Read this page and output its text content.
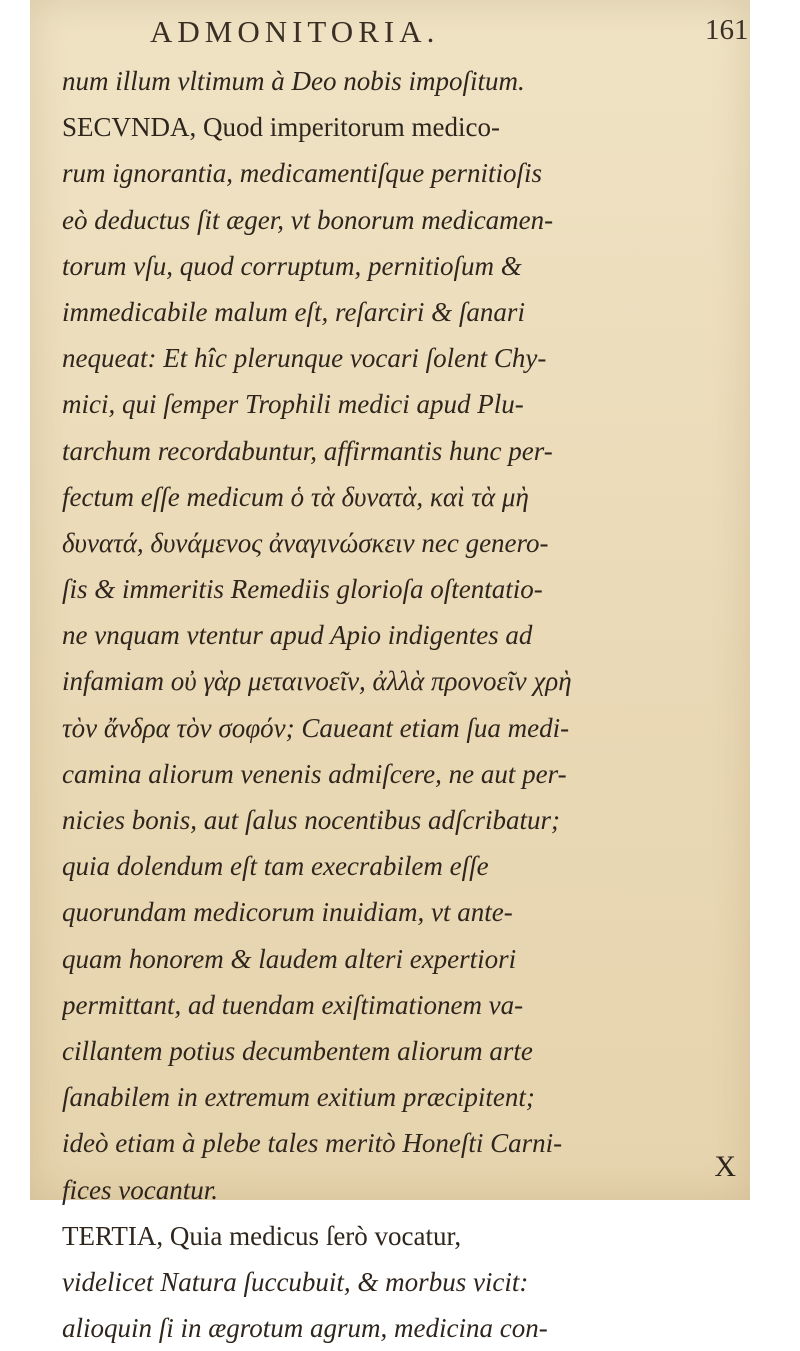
ADMONITORIA.	161
num illum vltimum à Deo nobis impoſitum.
SECVNDA, Quod imperitorum medico-
rum ignorantia, medicamentiſque pernitioſis
eò deductus ſit æger, vt bonorum medicamen-
torum vſu, quod corruptum, pernitioſum &
immedicabile malum eſt, reſarciri & ſanari
nequeat: Et hîc plerunque vocari ſolent Chy-
mici, qui ſemper Trophili medici apud Plu-
tarchum recordabuntur, affirmantis hunc per-
fectum eſſe medicum ὁ τὰ δυνατὰ, καὶ τὰ μὴ
δυνατά, δυνάμενος ἀναγινώσκειν nec genero-
ſis & immeritis Remediis glorioſa oſtentatio-
ne vnquam vtentur apud Apio indigentes ad
infamiam οὐ γὰρ μεταινοεῖν, ἀλλὰ προνοεῖν χρὴ
τὸν ἄνδρα τὸν σοφόν; Caueant etiam ſua medi-
camina aliorum venenis admiſcere, ne aut per-
nicies bonis, aut ſalus nocentibus adſcribatur;
quia dolendum eſt tam execrabilem eſſe
quorundam medicorum inuidiam, vt ante-
quam honorem & laudem alteri expertiori
permittant, ad tuendam exiſtimationem va-
cillantem potius decumbentem aliorum arte
ſanabilem in extremum exitium præcipitent;
ideò etiam à plebe tales meritò Honeſti Carni-
fices vocantur.
TERTIA, Quia medicus ſerò vocatur,
videlicet Natura ſuccubuit, & morbus vicit:
alioquin ſi in ægrotum agrum, medicina con-
X
